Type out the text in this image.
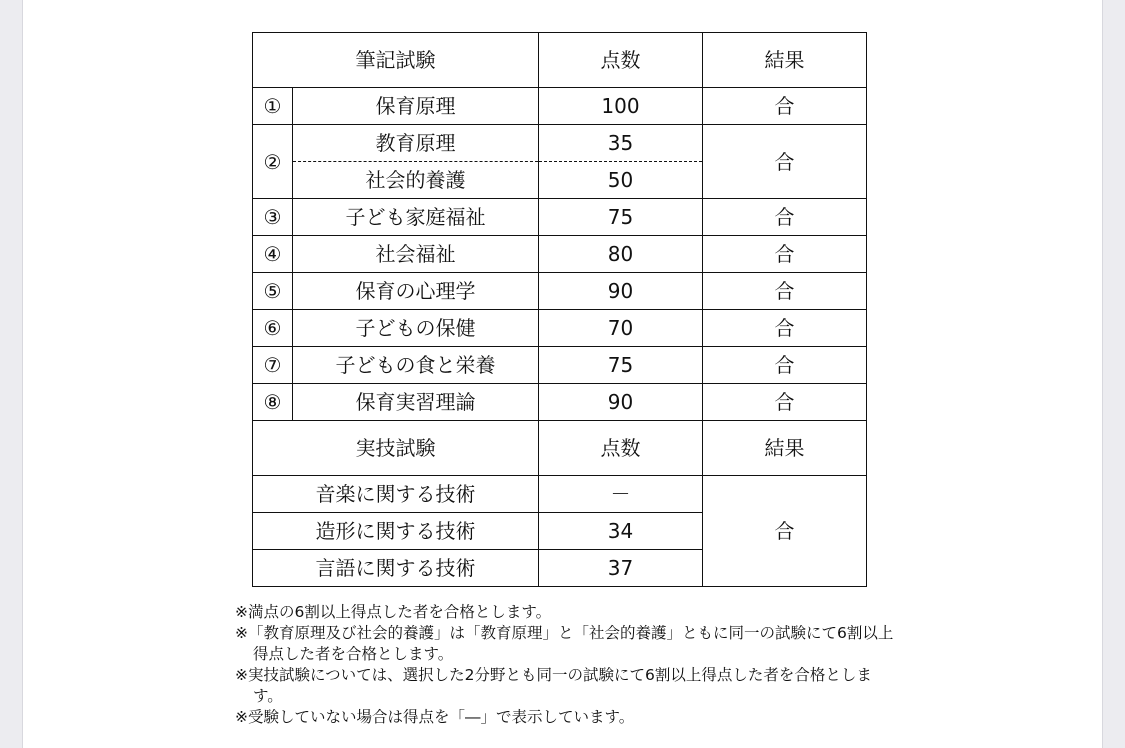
筆記試験		点数	結果
①	保育原理	100	合
②	教育原理	35	合
	社会的養護	50	
③	子ども家庭福祉	75	合
④	社会福祉	80	合
⑤	保育の心理学	90	合
⑥	子どもの保健	70	合
⑦	子どもの食と栄養	75	合
⑧	保育実習理論	90	合
実技試験		点数	結果
音楽に関する技術		－	合
造形に関する技術		34	
言語に関する技術		37	

※満点の6割以上得点した者を合格とします。

※「教育原理及び社会的養護」は「教育原理」と「社会的養護」ともに同一の試験にて6割以上得点した者を合格とします。

※実技試験については、選択した2分野とも同一の試験にて6割以上得点した者を合格とします。

※受験していない場合は得点を「―」で表示しています。
